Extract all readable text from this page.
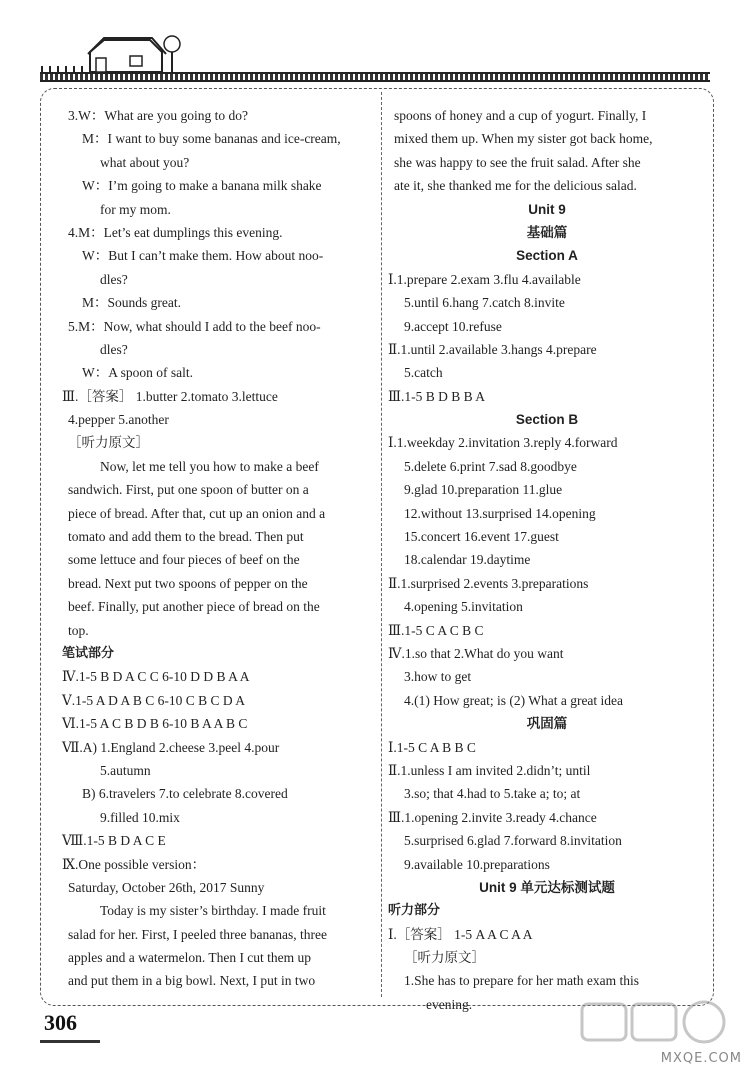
3.W：What are you going to do?
M：I want to buy some bananas and ice-cream,
what about you?
W：I’m going to make a banana milk shake
for my mom.
4.M：Let’s eat dumplings this evening.
W：But I can’t make them. How about noo-
dles?
M：Sounds great.
5.M：Now, what should I add to the beef noo-
dles?
W：A spoon of salt.
Ⅲ.［答案］ 1.butter 2.tomato 3.lettuce
4.pepper 5.another
［听力原文］
Now, let me tell you how to make a beef
sandwich. First, put one spoon of butter on a
piece of bread. After that, cut up an onion and a
tomato and add them to the bread. Then put
some lettuce and four pieces of beef on the
bread. Next put two spoons of pepper on the
beef. Finally, put another piece of bread on the
top.
笔试部分
Ⅳ.1-5 B D A C C 6-10 D D B A A
Ⅴ.1-5 A D A B C 6-10 C B C D A
Ⅵ.1-5 A C B D B 6-10 B A A B C
Ⅶ.A) 1.England 2.cheese 3.peel 4.pour
5.autumn
B) 6.travelers 7.to celebrate 8.covered
9.filled 10.mix
Ⅷ.1-5 B D A C E
Ⅸ.One possible version：
Saturday, October 26th, 2017 Sunny
Today is my sister’s birthday. I made fruit
salad for her. First, I peeled three bananas, three
apples and a watermelon. Then I cut them up
and put them in a big bowl. Next, I put in two
spoons of honey and a cup of yogurt. Finally, I
mixed them up. When my sister got back home,
she was happy to see the fruit salad. After she
ate it, she thanked me for the delicious salad.
Unit 9
基础篇
Section A
Ⅰ.1.prepare 2.exam 3.flu 4.available
5.until 6.hang 7.catch 8.invite
9.accept 10.refuse
Ⅱ.1.until 2.available 3.hangs 4.prepare
5.catch
Ⅲ.1-5 B D B B A
Section B
Ⅰ.1.weekday 2.invitation 3.reply 4.forward
5.delete 6.print 7.sad 8.goodbye
9.glad 10.preparation 11.glue
12.without 13.surprised 14.opening
15.concert 16.event 17.guest
18.calendar 19.daytime
Ⅱ.1.surprised 2.events 3.preparations
4.opening 5.invitation
Ⅲ.1-5 C A C B C
Ⅳ.1.so that 2.What do you want
3.how to get
4.(1) How great; is (2) What a great idea
巩固篇
Ⅰ.1-5 C A B B C
Ⅱ.1.unless I am invited 2.didn’t; until
3.so; that 4.had to 5.take a; to; at
Ⅲ.1.opening 2.invite 3.ready 4.chance
5.surprised 6.glad 7.forward 8.invitation
9.available 10.preparations
Unit 9 单元达标测试题
听力部分
Ⅰ.［答案］ 1-5 A A C A A
［听力原文］
1.She has to prepare for her math exam this
evening.
306
MXQE.COM
